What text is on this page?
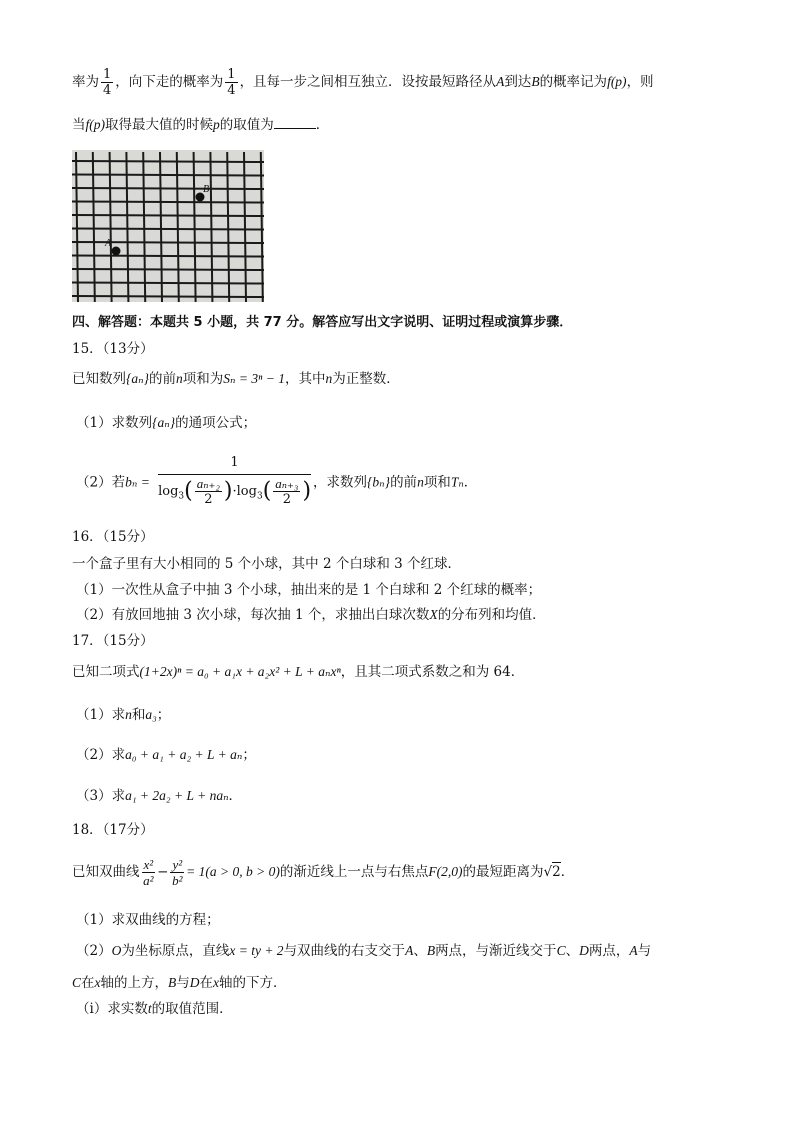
率为 $\frac{1}{4}$ ，向下走的概率为 $\frac{1}{4}$ ，且每一步之间相互独立．设按最短路径从A到达B的概率记为f(p)，则
当f(p)取得最大值的时候p的取值为	．
B
A
四、解答题：本题共 5 小题，共 77 分。解答应写出文字说明、证明过程或演算步骤．
15．（13分）
已知数列{aₙ}的前n项和为Sₙ = 3ⁿ − 1，其中n为正整数．
（1）求数列{aₙ}的通项公式；
（2）若$b_n = \frac{1}{\log_3( \frac{\text{aₙ₊₂}}{2} )\cdot\log_3( \frac{\text{aₙ₊₃}}{2} )}$ ，求数列{bₙ}的前n项和Tₙ．
16．（15分）
一个盒子里有大小相同的 5 个小球，其中 2 个白球和 3 个红球．
（1）一次性从盒子中抽 3 个小球，抽出来的是 1 个白球和 2 个红球的概率；
（2）有放回地抽 3 次小球，每次抽 1 个，求抽出白球次数X的分布列和均值．
17．（15分）
已知二项式(1+2x)ⁿ = a₀ + a₁x + a₂x² + L + aₙxⁿ，且其二项式系数之和为 64．
（1）求n和a₃；
（2）求a₀ + a₁ + a₂ + L + aₙ；
（3）求a₁ + 2a₂ + L + naₙ．
18．（17分）
已知双曲线 $\frac{\text{x²}}{\text{a²}} - \frac{\text{y²}}{\text{b²}} = 1(a > 0$, b > 0)的渐近线上一点与右焦点F(2,0)的最短距离为√2．
（1）求双曲线的方程；
（2）O为坐标原点，直线x = ty + 2与双曲线的右支交于A、B两点，与渐近线交于C、D两点，A与
C在x轴的上方，B与D在x轴的下方．
（ⅰ）求实数t的取值范围．
